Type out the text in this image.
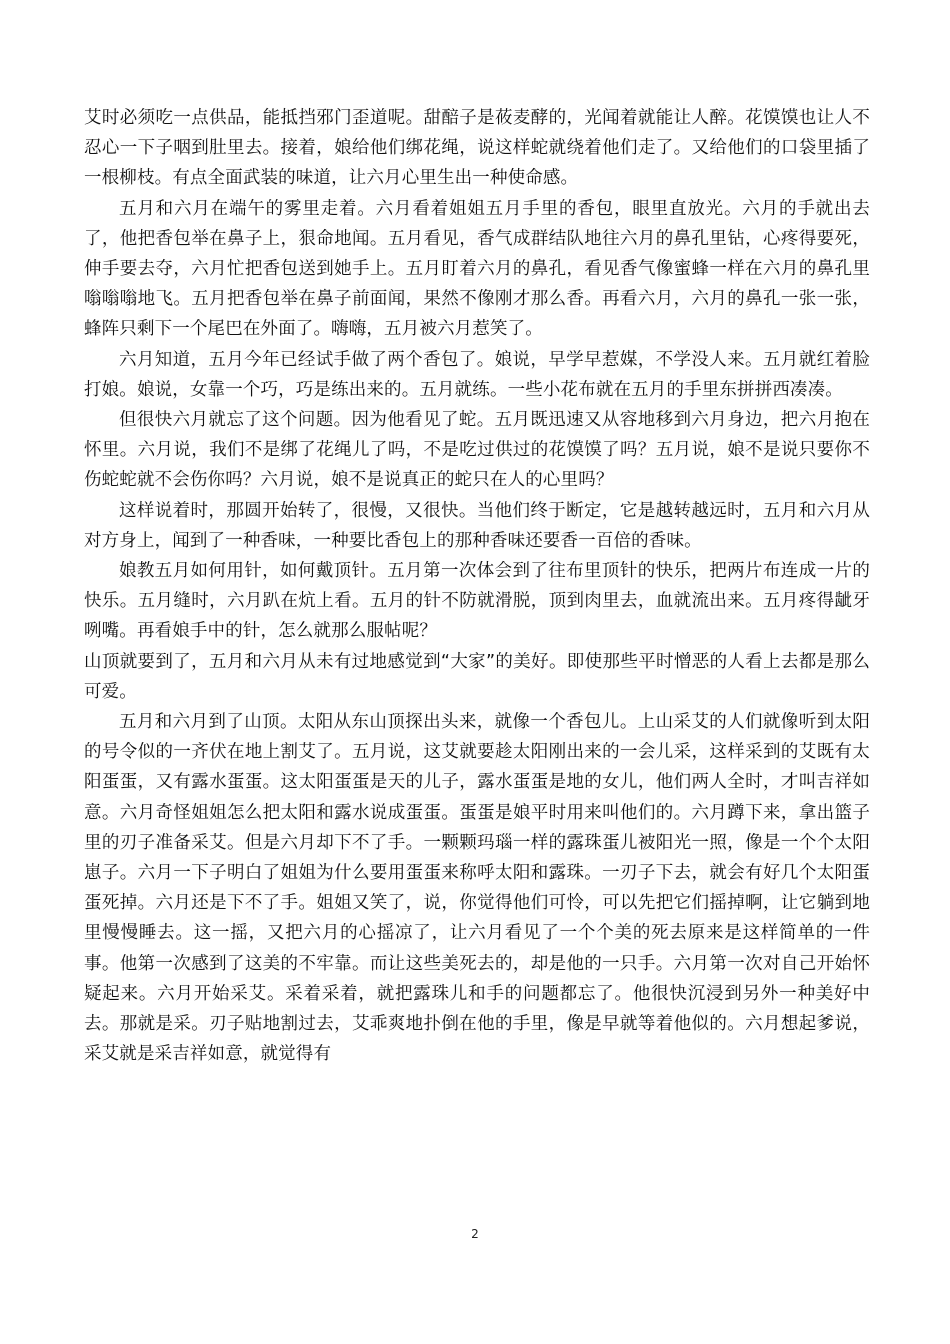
艾时必须吃一点供品，能抵挡邪门歪道呢。甜醅子是莜麦酵的，光闻着就能让人醉。花馍馍也让人不忍心一下子咽到肚里去。接着，娘给他们绑花绳，说这样蛇就绕着他们走了。又给他们的口袋里插了一根柳枝。有点全面武装的味道，让六月心里生出一种使命感。

五月和六月在端午的雾里走着。六月看着姐姐五月手里的香包，眼里直放光。六月的手就出去了，他把香包举在鼻子上，狠命地闻。五月看见，香气成群结队地往六月的鼻孔里钻，心疼得要死，伸手要去夺，六月忙把香包送到她手上。五月盯着六月的鼻孔，看见香气像蜜蜂一样在六月的鼻孔里嗡嗡嗡地飞。五月把香包举在鼻子前面闻，果然不像刚才那么香。再看六月，六月的鼻孔一张一张，蜂阵只剩下一个尾巴在外面了。嗨嗨，五月被六月惹笑了。

六月知道，五月今年已经试手做了两个香包了。娘说，早学早惹媒，不学没人来。五月就红着脸打娘。娘说，女靠一个巧，巧是练出来的。五月就练。一些小花布就在五月的手里东拼拼西凑凑。

但很快六月就忘了这个问题。因为他看见了蛇。五月既迅速又从容地移到六月身边，把六月抱在怀里。六月说，我们不是绑了花绳儿了吗，不是吃过供过的花馍馍了吗？五月说，娘不是说只要你不伤蛇蛇就不会伤你吗？六月说，娘不是说真正的蛇只在人的心里吗？

这样说着时，那圆开始转了，很慢，又很快。当他们终于断定，它是越转越远时，五月和六月从对方身上，闻到了一种香味，一种要比香包上的那种香味还要香一百倍的香味。

娘教五月如何用针，如何戴顶针。五月第一次体会到了往布里顶针的快乐，把两片布连成一片的快乐。五月缝时，六月趴在炕上看。五月的针不防就滑脱，顶到肉里去，血就流出来。五月疼得龇牙咧嘴。再看娘手中的针，怎么就那么服帖呢？

山顶就要到了，五月和六月从未有过地感觉到“大家”的美好。即使那些平时憎恶的人看上去都是那么可爱。

五月和六月到了山顶。太阳从东山顶探出头来，就像一个香包儿。上山采艾的人们就像听到太阳的号令似的一齐伏在地上割艾了。五月说，这艾就要趁太阳刚出来的一会儿采，这样采到的艾既有太阳蛋蛋，又有露水蛋蛋。这太阳蛋蛋是天的儿子，露水蛋蛋是地的女儿，他们两人全时，才叫吉祥如意。六月奇怪姐姐怎么把太阳和露水说成蛋蛋。蛋蛋是娘平时用来叫他们的。六月蹲下来，拿出篮子里的刃子准备采艾。但是六月却下不了手。一颗颗玛瑙一样的露珠蛋儿被阳光一照，像是一个个太阳崽子。六月一下子明白了姐姐为什么要用蛋蛋来称呼太阳和露珠。一刃子下去，就会有好几个太阳蛋蛋死掉。六月还是下不了手。姐姐又笑了，说，你觉得他们可怜，可以先把它们摇掉啊，让它躺到地里慢慢睡去。这一摇，又把六月的心摇凉了，让六月看见了一个个美的死去原来是这样简单的一件事。他第一次感到了这美的不牢靠。而让这些美死去的，却是他的一只手。六月第一次对自己开始怀疑起来。六月开始采艾。采着采着，就把露珠儿和手的问题都忘了。他很快沉浸到另外一种美好中去。那就是采。刃子贴地割过去，艾乖爽地扑倒在他的手里，像是早就等着他似的。六月想起爹说，采艾就是采吉祥如意，就觉得有

2
